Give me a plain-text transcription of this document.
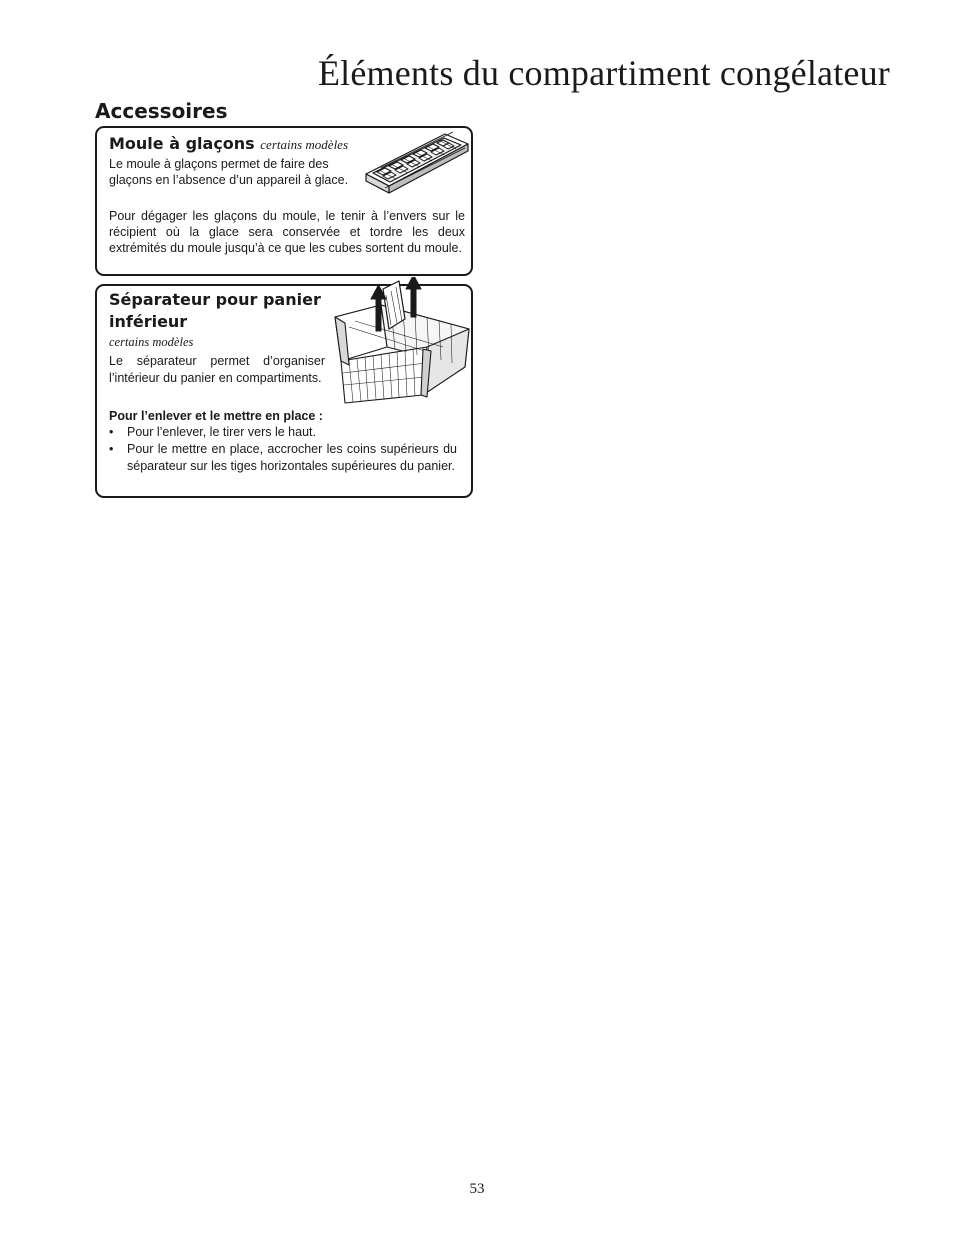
Éléments du compartiment congélateur
Accessoires
Moule à glaçons certains modèles

Le moule à glaçons permet de faire des glaçons en l’absence d’un appareil à glace.

Pour dégager les glaçons du moule, le tenir à l’envers sur le récipient où la glace sera conservée et tordre les deux extrémités du moule jusqu’à ce que les cubes sortent du moule.

Séparateur pour panier
inférieur

certains modèles

Le séparateur permet d’organiser l’intérieur du panier en compartiments.

Pour l’enlever et le mettre en place :

• Pour l’enlever, le tirer vers le haut.
• Pour le mettre en place, accrocher les coins supérieurs du séparateur sur les tiges horizontales supérieures du panier.

53
